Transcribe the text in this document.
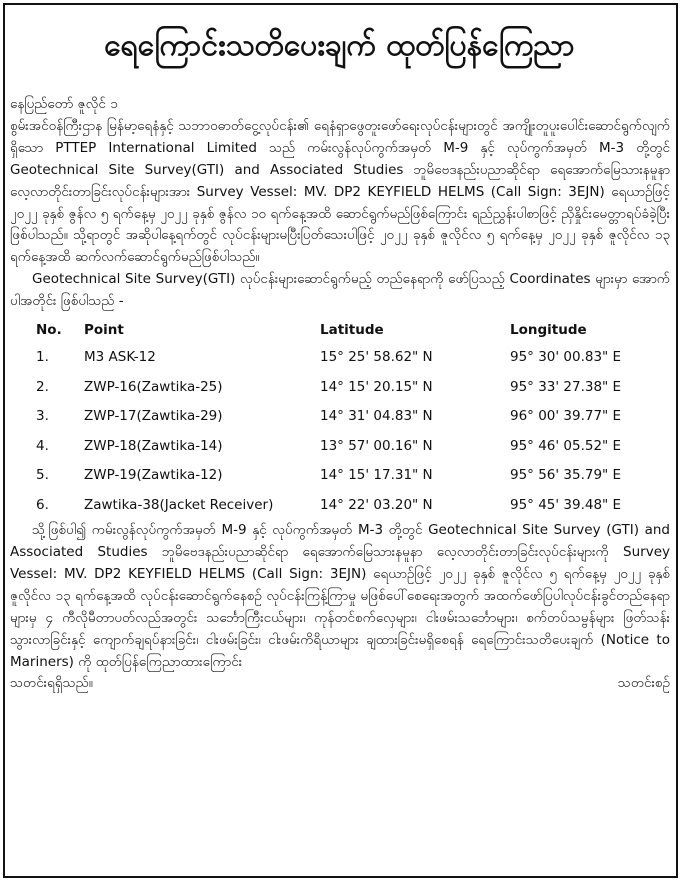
ရေကြောင်းသတိပေးချက် ထုတ်ပြန်ကြေညာ

နေပြည်တော် ဇူလိုင် ၁

စွမ်းအင်ဝန်ကြီးဌာန မြန်မာ့ရေနံနှင့် သဘာဝဓာတ်ငွေ့လုပ်ငန်း၏ ရေနံရှာဖွေတူးဖော်ရေးလုပ်ငန်းများတွင် အကျိုးတူပူးပေါင်းဆောင်ရွက်လျက်ရှိသော PTTEP International Limited သည် ကမ်းလွန်လုပ်ကွက်အမှတ် M-9 နှင့် လုပ်ကွက်အမှတ် M-3 တို့တွင် Geotechnical Site Survey(GTI) and Associated Studies ဘူမိဗေဒနည်းပညာဆိုင်ရာ ရေအောက်မြေသားနမူနာ လေ့လာတိုင်းတာခြင်းလုပ်ငန်းများအား Survey Vessel: MV. DP2 KEYFIELD HELMS (Call Sign: 3EJN) ရေယာဉ်ဖြင့် ၂၀၂၂ ခုနှစ် ဇွန်လ ၅ ရက်နေ့မှ ၂၀၂၂ ခုနှစ် ဇွန်လ ၁၀ ရက်နေ့အထိ ဆောင်ရွက်မည်ဖြစ်ကြောင်း ရည်ညွှန်းပါစာဖြင့် ညှိနှိုင်းမေတ္တာရပ်ခံခဲ့ပြီးဖြစ်ပါသည်။ သို့ရာတွင် အဆိုပါနေ့ရက်တွင် လုပ်ငန်းများမပြီးပြတ်သေးပါဖြင့် ၂၀၂၂ ခုနှစ် ဇူလိုင်လ ၅ ရက်နေ့မှ ၂၀၂၂ ခုနှစ် ဇူလိုင်လ ၁၃ ရက်နေ့အထိ ဆက်လက်ဆောင်ရွက်မည်ဖြစ်ပါသည်။

Geotechnical Site Survey(GTI) လုပ်ငန်းများဆောင်ရွက်မည့် တည်နေရာကို ဖော်ပြသည့် Coordinates များမှာ အောက်ပါအတိုင်း ဖြစ်ပါသည် -

No.	Point	Latitude	Longitude
1.	M3 ASK-12	15° 25' 58.62" N	95° 30' 00.83" E
2.	ZWP-16(Zawtika-25)	14° 15' 20.15" N	95° 33' 27.38" E
3.	ZWP-17(Zawtika-29)	14° 31' 04.83" N	96° 00' 39.77" E
4.	ZWP-18(Zawtika-14)	13° 57' 00.16" N	95° 46' 05.52" E
5.	ZWP-19(Zawtika-12)	14° 15' 17.31" N	95° 56' 35.79" E
6.	Zawtika-38(Jacket Receiver)	14° 22' 03.20" N	95° 45' 39.48" E

သို့ဖြစ်ပါ၍ ကမ်းလွန်လုပ်ကွက်အမှတ် M-9 နှင့် လုပ်ကွက်အမှတ် M-3 တို့တွင် Geotechnical Site Survey (GTI) and Associated Studies ဘူမိဗေဒနည်းပညာဆိုင်ရာ ရေအောက်မြေသားနမူနာ လေ့လာတိုင်းတာခြင်းလုပ်ငန်းများကို Survey Vessel: MV. DP2 KEYFIELD HELMS (Call Sign: 3EJN) ရေယာဉ်ဖြင့် ၂၀၂၂ ခုနှစ် ဇူလိုင်လ ၅ ရက်နေ့မှ ၂၀၂၂ ခုနှစ် ဇူလိုင်လ ၁၃ ရက်နေ့အထိ လုပ်ငန်းဆောင်ရွက်နေစဉ် လုပ်ငန်းကြန့်ကြာမှု မဖြစ်ပေါ်စေရေးအတွက် အထက်ဖော်ပြပါလုပ်ငန်းခွင်တည်နေရာများမှ ၄ ကီလိုမီတာပတ်လည်အတွင်း သင်္ဘောကြီးငယ်များ၊ ကုန်တင်စက်လှေများ၊ ငါးဖမ်းသင်္ဘောများ၊ စက်တပ်သမ္ဗန်များ ဖြတ်သန်းသွားလာခြင်းနှင့် ကျောက်ချရပ်နားခြင်း၊ ငါးဖမ်းခြင်း၊ ငါးဖမ်းကိရိယာများ ချထားခြင်းမရှိစေရန် ရေကြောင်းသတိပေးချက် (Notice to Mariners) ကို ထုတ်ပြန်ကြေညာထားကြောင်း

သတင်းရရှိသည်။	သတင်းစဉ်
